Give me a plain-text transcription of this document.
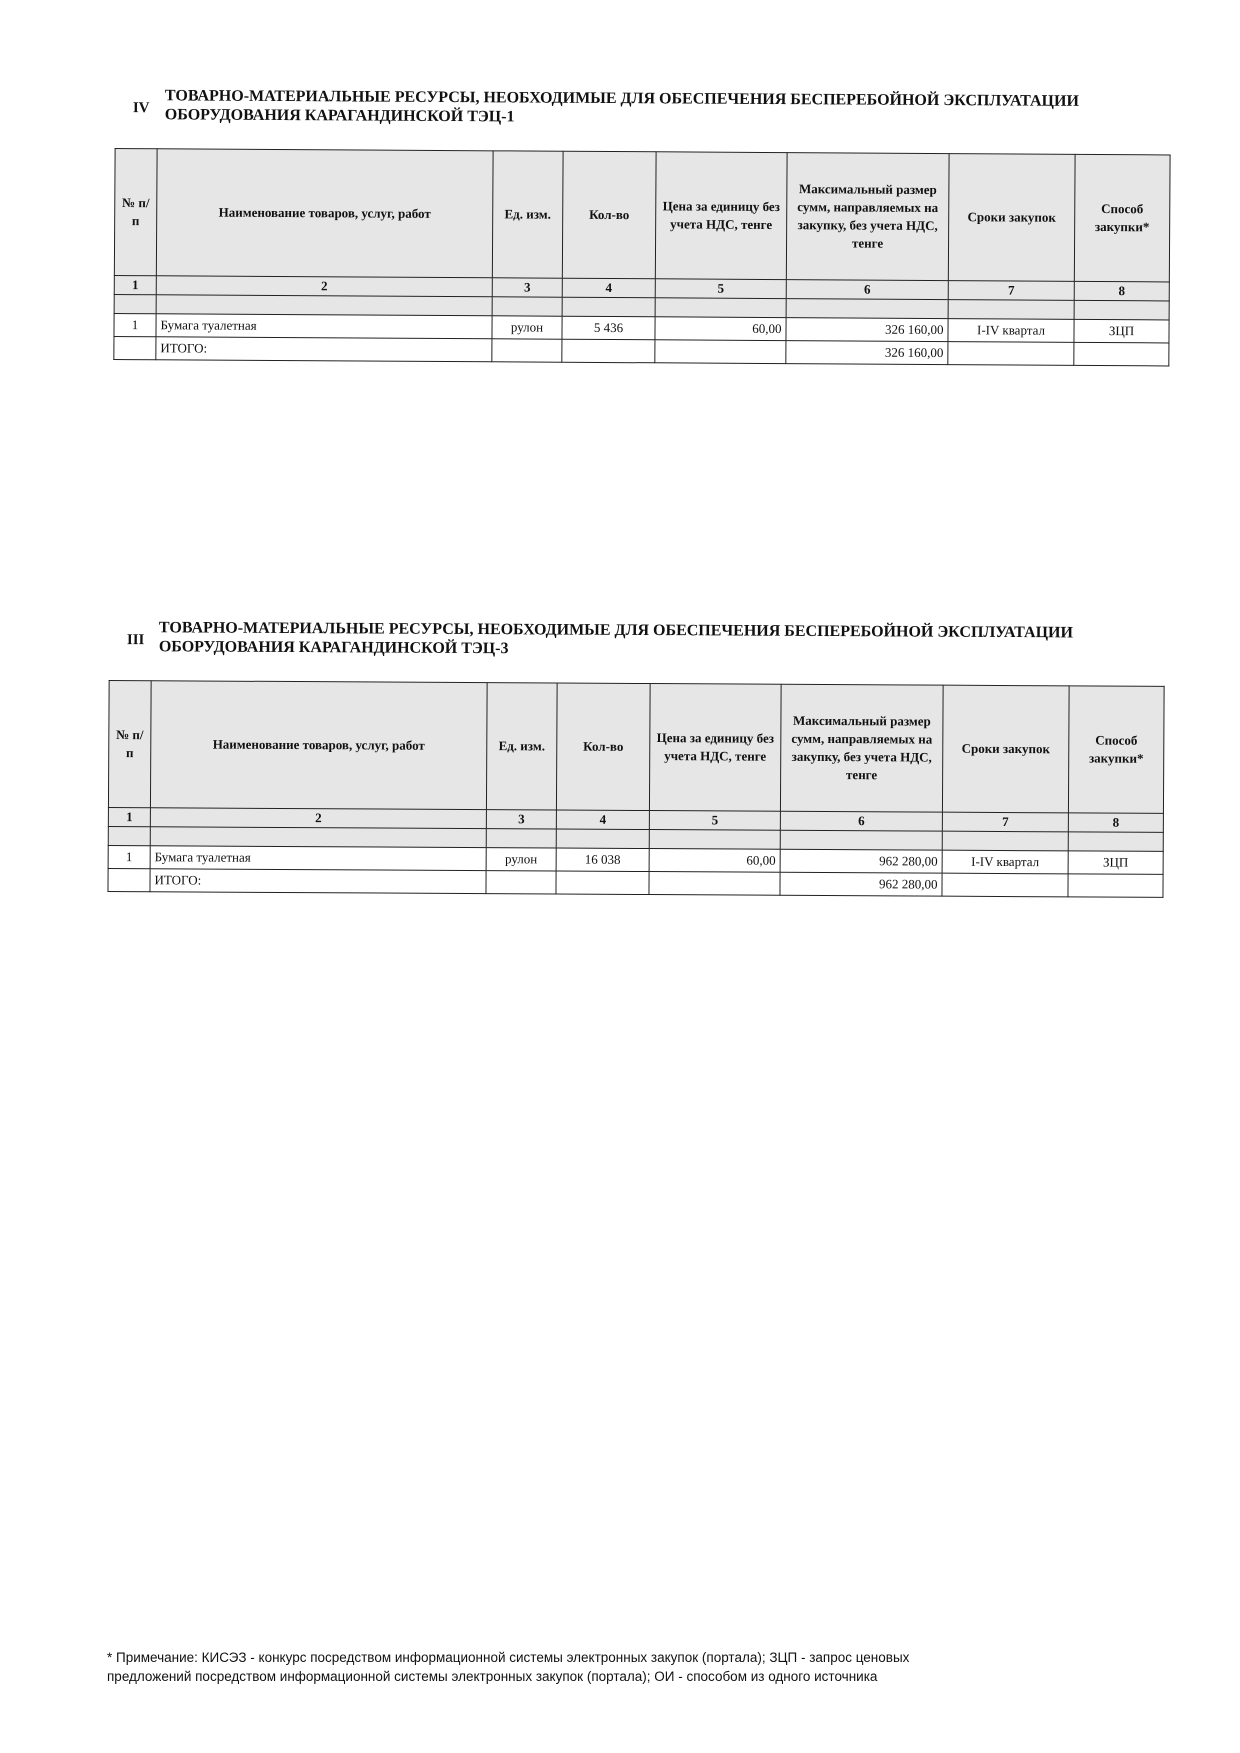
IV ТОВАРНО-МАТЕРИАЛЬНЫЕ РЕСУРСЫ, НЕОБХОДИМЫЕ ДЛЯ ОБЕСПЕЧЕНИЯ БЕСПЕРЕБОЙНОЙ ЭКСПЛУАТАЦИИ
ОБОРУДОВАНИЯ КАРАГАНДИНСКОЙ ТЭЦ-1
№ п/п	Наименование товаров, услуг, работ	Ед. изм.	Кол-во	Цена за единицу без учета НДС, тенге	Максимальный размер сумм, направляемых на закупку, без учета НДС, тенге	Сроки закупок	Способ закупки*
1	2	3	4	5	6	7	8

1	Бумага туалетная	рулон	5 436	60,00	326 160,00	I-IV квартал	ЗЦП
	ИТОГО:				326 160,00		
III ТОВАРНО-МАТЕРИАЛЬНЫЕ РЕСУРСЫ, НЕОБХОДИМЫЕ ДЛЯ ОБЕСПЕЧЕНИЯ БЕСПЕРЕБОЙНОЙ ЭКСПЛУАТАЦИИ
ОБОРУДОВАНИЯ КАРАГАНДИНСКОЙ ТЭЦ-3
№ п/п	Наименование товаров, услуг, работ	Ед. изм.	Кол-во	Цена за единицу без учета НДС, тенге	Максимальный размер сумм, направляемых на закупку, без учета НДС, тенге	Сроки закупок	Способ закупки*
1	2	3	4	5	6	7	8

1	Бумага туалетная	рулон	16 038	60,00	962 280,00	I-IV квартал	ЗЦП
	ИТОГО:				962 280,00		
* Примечание: КИСЭЗ - конкурс посредством информационной системы электронных закупок (портала); ЗЦП - запрос ценовых
предложений посредством информационной системы электронных закупок (портала); ОИ - способом из одного источника
